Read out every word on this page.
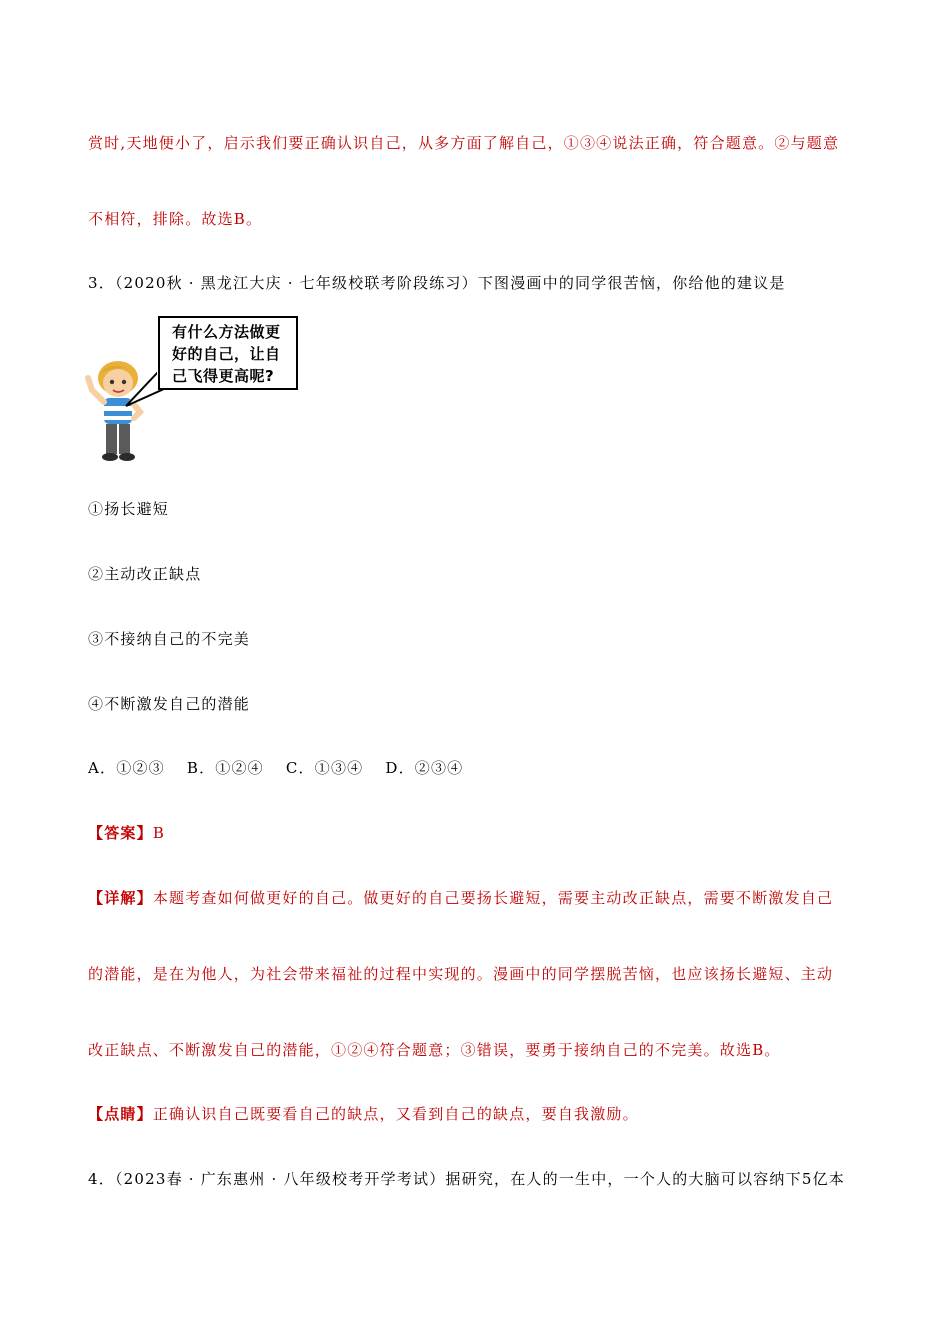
赏时,天地便小了，启示我们要正确认识自己，从多方面了解自己，①③④说法正确，符合题意。②与题意
不相符，排除。故选B。
3．（2020秋 · 黑龙江大庆 · 七年级校联考阶段练习）下图漫画中的同学很苦恼，你给他的建议是
有什么方法做更
好的自己，让自
己飞得更高呢?
①扬长避短
②主动改正缺点
③不接纳自己的不完美
④不断激发自己的潜能
A．①②③ B．①②④ C．①③④ D．②③④
【答案】B
【详解】本题考查如何做更好的自己。做更好的自己要扬长避短，需要主动改正缺点，需要不断激发自己
的潜能，是在为他人，为社会带来福祉的过程中实现的。漫画中的同学摆脱苦恼，也应该扬长避短、主动
改正缺点、不断激发自己的潜能，①②④符合题意；③错误，要勇于接纳自己的不完美。故选B。
【点睛】正确认识自己既要看自己的缺点，又看到自己的缺点，要自我激励。
4．（2023春 · 广东惠州 · 八年级校考开学考试）据研究，在人的一生中，一个人的大脑可以容纳下5亿本
